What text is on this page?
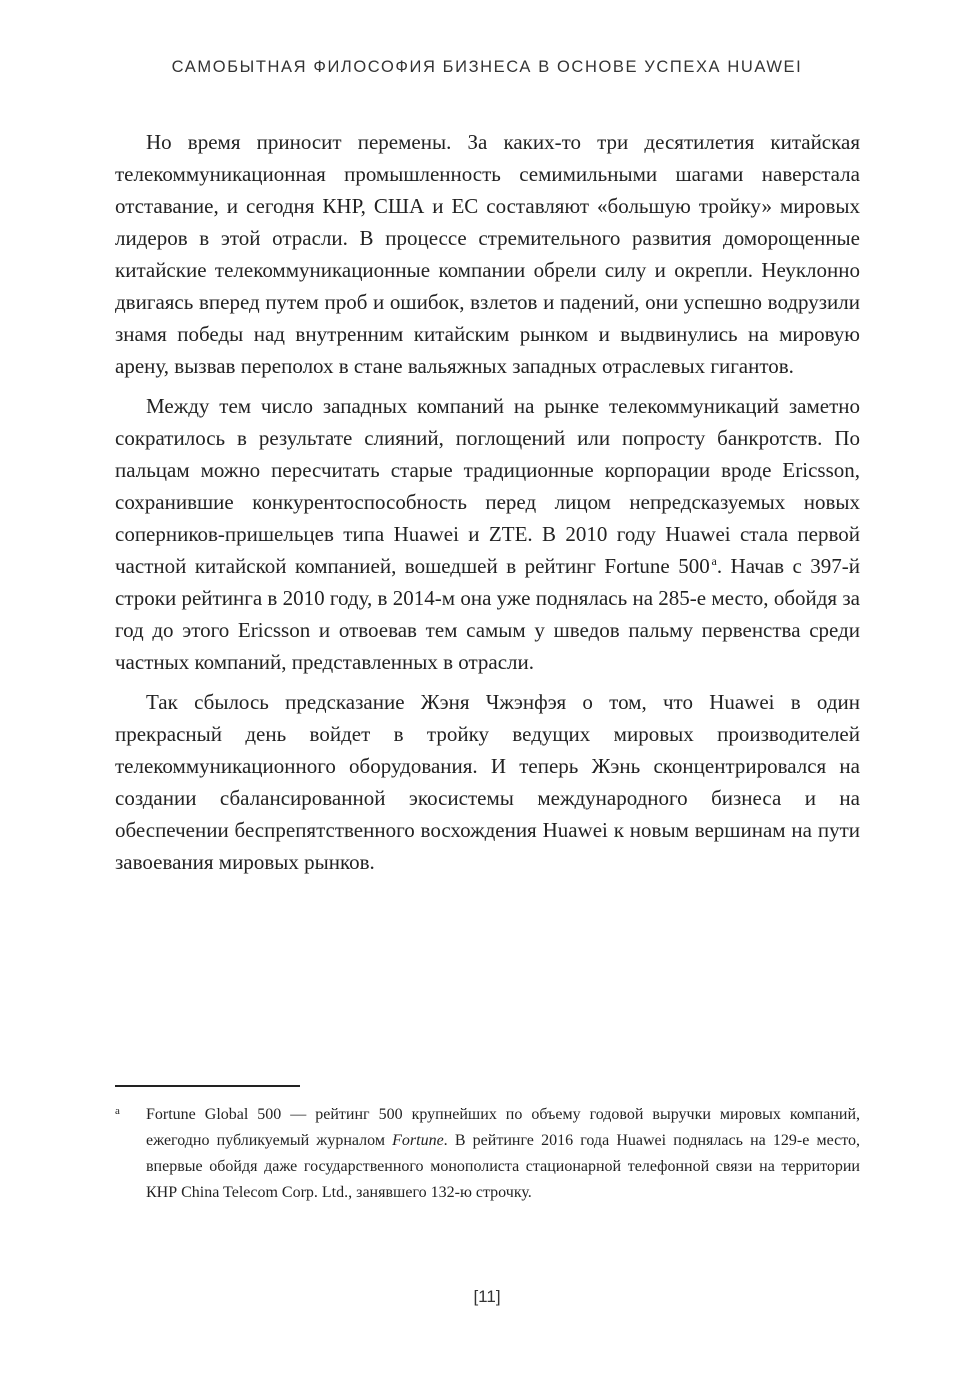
САМОБЫТНАЯ ФИЛОСОФИЯ БИЗНЕСА В ОСНОВЕ УСПЕХА HUAWEI

Но время приносит перемены. За каких-то три десятилетия китайская телекоммуникационная промышленность семимильными шагами наверстала отставание, и сегодня КНР, США и ЕС составляют «большую тройку» мировых лидеров в этой отрасли. В процессе стремительного развития доморощенные китайские телекоммуникационные компании обрели силу и окрепли. Неуклонно двигаясь вперед путем проб и ошибок, взлетов и падений, они успешно водрузили знамя победы над внутренним китайским рынком и выдвинулись на мировую арену, вызвав переполох в стане вальяжных западных отраслевых гигантов.

Между тем число западных компаний на рынке телекоммуникаций заметно сократилось в результате слияний, поглощений или попросту банкротств. По пальцам можно пересчитать старые традиционные корпорации вроде Ericsson, сохранившие конкурентоспособность перед лицом непредсказуемых новых соперников-пришельцев типа Huawei и ZTE. В 2010 году Huawei стала первой частной китайской компанией, вошедшей в рейтинг Fortune 500  $^a$. Начав с 397-й строки рейтинга в 2010 году, в 2014-м она уже поднялась на 285-е место, обойдя за год до этого Ericsson и отвоевав тем самым у шведов пальму первенства среди частных компаний, представленных в отрасли.

Так сбылось предсказание Жэня Чжэнфэя о том, что Huawei в один прекрасный день войдет в тройку ведущих мировых производителей телекоммуникационного оборудования. И теперь Жэнь сконцентрировался на создании сбалансированной экосистемы международного бизнеса и на обеспечении беспрепятственного восхождения Huawei к новым вершинам на пути завоевания мировых рынков.

a Fortune Global 500 — рейтинг 500 крупнейших по объему годовой выручки мировых компаний, ежегодно публикуемый журналом Fortune. В рейтинге 2016 года Huawei поднялась на 129-е место, впервые обойдя даже государственного монополиста стационарной телефонной связи на территории КНР China Telecom Corp. Ltd., занявшего 132-ю строчку.

[11]
